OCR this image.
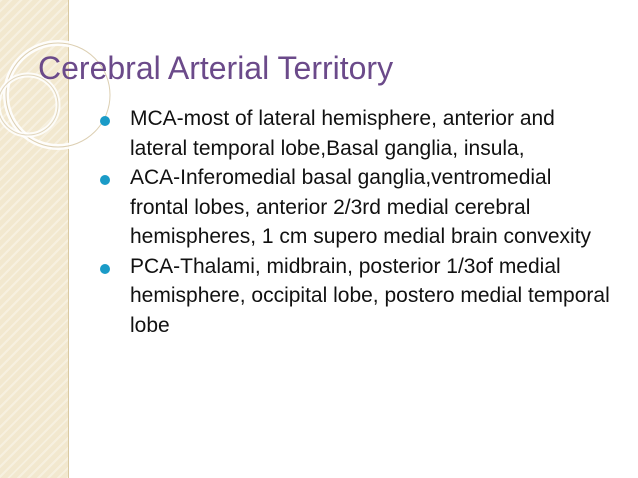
Cerebral Arterial Territory
MCA-most of lateral hemisphere, anterior and lateral temporal lobe,Basal ganglia, insula,
ACA-Inferomedial basal ganglia,ventromedial frontal lobes, anterior 2/3rd medial cerebral hemispheres, 1 cm supero medial brain convexity
PCA-Thalami, midbrain, posterior 1/3of medial hemisphere, occipital lobe, postero medial temporal lobe
